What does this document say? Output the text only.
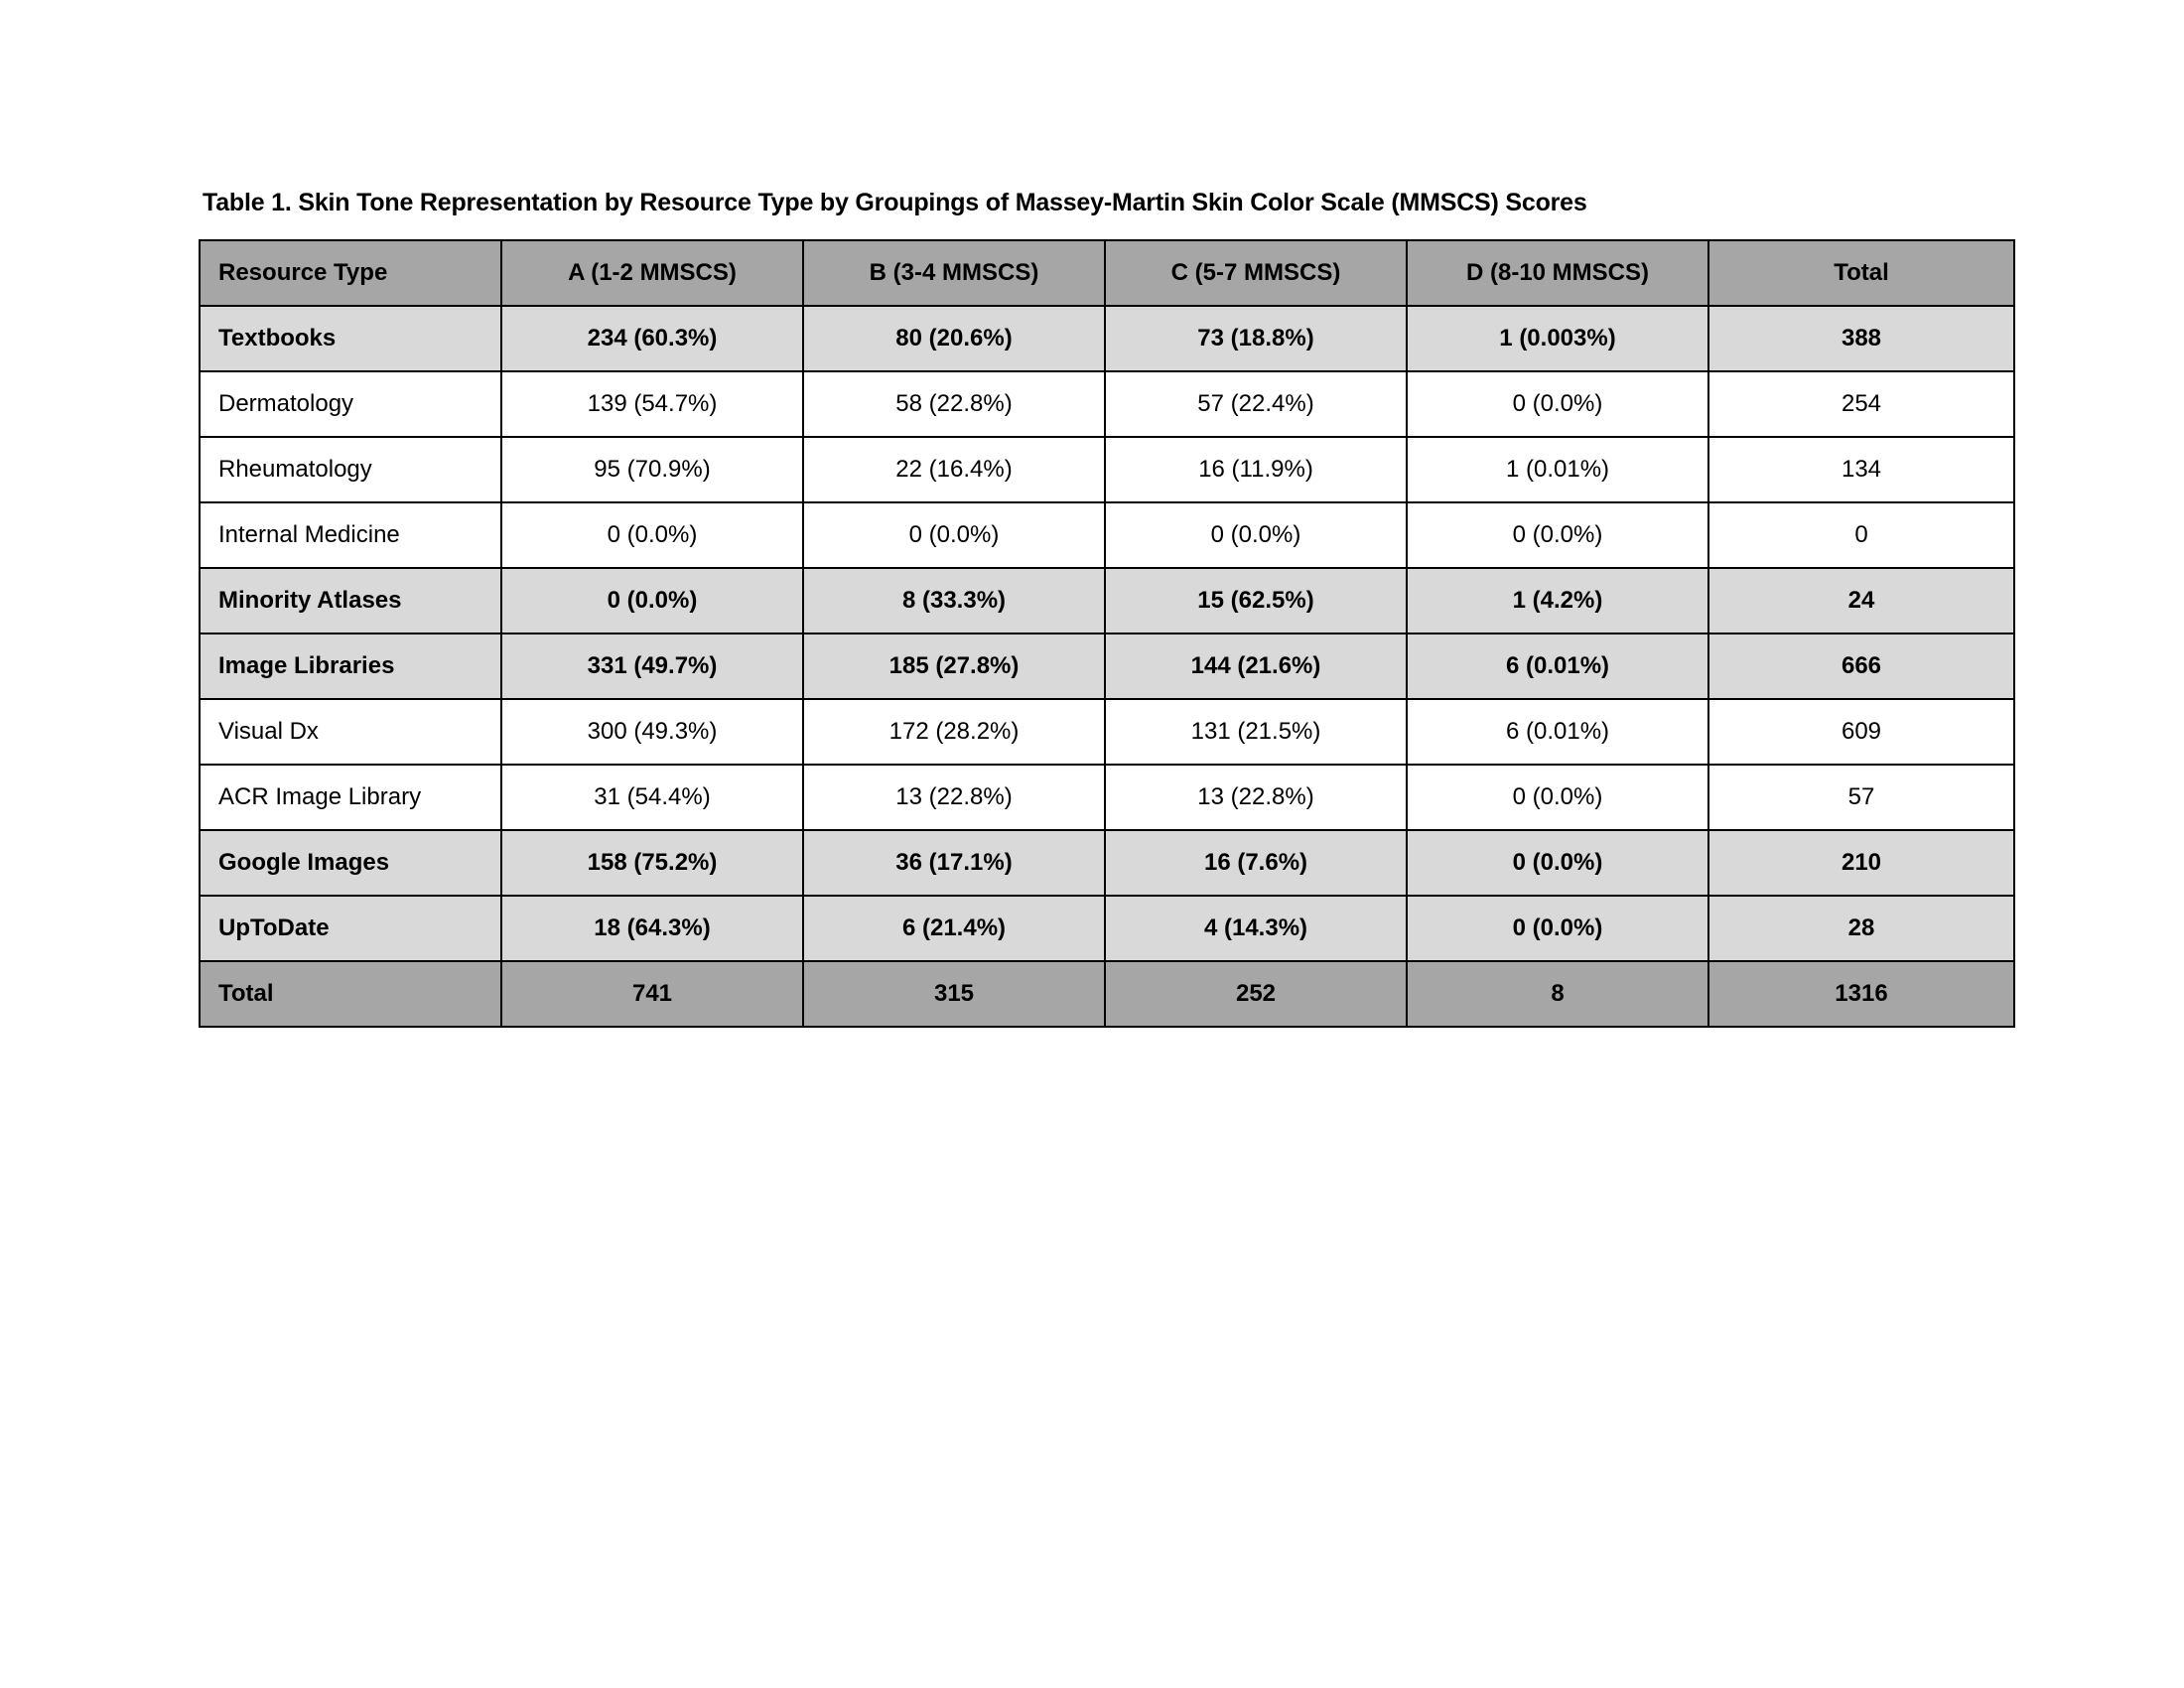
Table 1. Skin Tone Representation by Resource Type by Groupings of Massey-Martin Skin Color Scale (MMSCS) Scores
Resource Type	A (1-2 MMSCS)	B (3-4 MMSCS)	C (5-7 MMSCS)	D (8-10 MMSCS)	Total
Textbooks	234 (60.3%)	80 (20.6%)	73 (18.8%)	1 (0.003%)	388
Dermatology	139 (54.7%)	58 (22.8%)	57 (22.4%)	0 (0.0%)	254
Rheumatology	95 (70.9%)	22 (16.4%)	16 (11.9%)	1 (0.01%)	134
Internal Medicine	0 (0.0%)	0 (0.0%)	0 (0.0%)	0 (0.0%)	0
Minority Atlases	0 (0.0%)	8 (33.3%)	15 (62.5%)	1 (4.2%)	24
Image Libraries	331 (49.7%)	185 (27.8%)	144 (21.6%)	6 (0.01%)	666
Visual Dx	300 (49.3%)	172 (28.2%)	131 (21.5%)	6 (0.01%)	609
ACR Image Library	31 (54.4%)	13 (22.8%)	13 (22.8%)	0 (0.0%)	57
Google Images	158 (75.2%)	36 (17.1%)	16 (7.6%)	0 (0.0%)	210
UpToDate	18 (64.3%)	6 (21.4%)	4 (14.3%)	0 (0.0%)	28
Total	741	315	252	8	1316
